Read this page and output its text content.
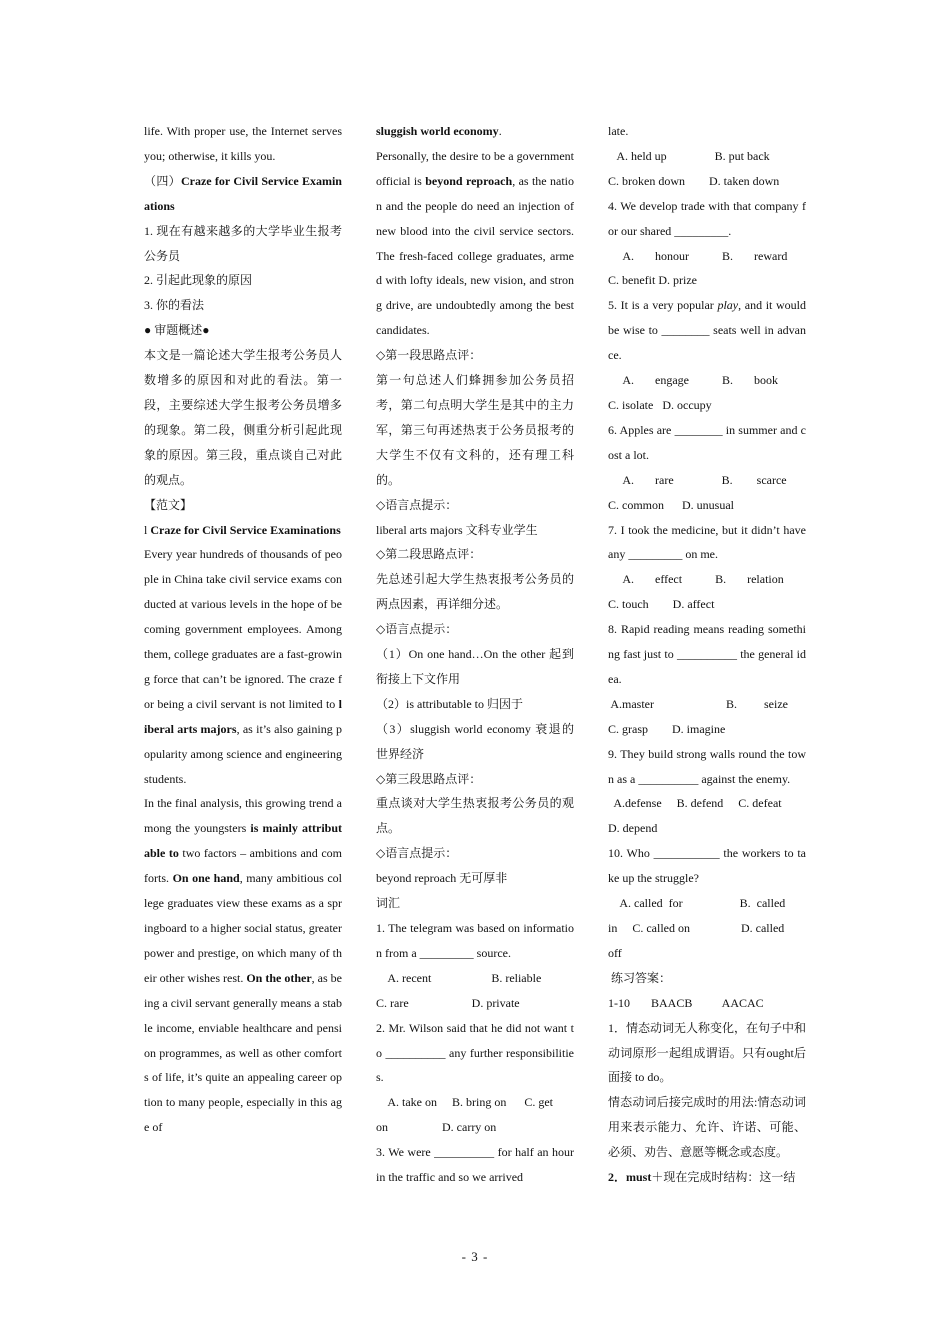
life. With proper use, the Internet serves you; otherwise, it kills you.

（四）Craze for Civil Service Examinations

1. 现在有越来越多的大学毕业生报考公务员

2. 引起此现象的原因

3. 你的看法

● 审题概述●

本文是一篇论述大学生报考公务员人数增多的原因和对此的看法。第一段，主要综述大学生报考公务员增多的现象。第二段，侧重分析引起此现象的原因。第三段，重点谈自己对此的观点。

【范文】

l Craze for Civil Service Examinations

Every year hundreds of thousands of people in China take civil service exams conducted at various levels in the hope of becoming government employees. Among them, college graduates are a fast-growing force that can’t be ignored. The craze for being a civil servant is not limited to liberal arts majors, as it’s also gaining popularity among science and engineering students.

In the final analysis, this growing trend among the youngsters is mainly attributable to two factors – ambitions and comforts. On one hand, many ambitious college graduates view these exams as a springboard to a higher social status, greater power and prestige, on which many of their other wishes rest. On the other, as being a civil servant generally means a stable income, enviable healthcare and pension programmes, as well as other comforts of life, it’s quite an appealing career option to many people, especially in this age of

sluggish world economy.

Personally, the desire to be a government official is beyond reproach, as the nation and the people do need an injection of new blood into the civil service sectors. The fresh-faced college graduates, armed with lofty ideals, new vision, and strong drive, are undoubtedly among the best candidates.

◇第一段思路点评：

第一句总述人们蜂拥参加公务员招考，第二句点明大学生是其中的主力军，第三句再述热衷于公务员报考的大学生不仅有文科的，还有理工科的。

◇语言点提示：

liberal arts majors 文科专业学生

◇第二段思路点评：

先总述引起大学生热衷报考公务员的两点因素，再详细分述。

◇语言点提示：

（1）On one hand…On the other 起到衔接上下文作用

（2）is attributable to 归因于

（3）sluggish world economy 衰退的世界经济

◇第三段思路点评：

重点谈对大学生热衷报考公务员的观点。

◇语言点提示：

beyond reproach 无可厚非

词汇

1. The telegram was based on information from a _________ source.

A. recent                    B. reliable

C. rare                     D. private

2. Mr. Wilson said that he did not want to __________ any further responsibilities.

A. take on     B. bring on      C. get

on                  D. carry on

3. We were __________ for half an hour in the traffic and so we arrived

late.

A. held up                B. put back

C. broken down        D. taken down

4. We develop trade with that company for our shared _________.

A.       honour           B.       reward

C. benefit D. prize

5. It is a very popular play, and it would be wise to ________ seats well in advance.

A.       engage           B.       book

C. isolate   D. occupy

6. Apples are ________ in summer and cost a lot.

A.       rare                B.        scarce

C. common      D. unusual

7. I took the medicine, but it didn’t have any _________ on me.

A.       effect           B.       relation

C. touch        D. affect

8. Rapid reading means reading something fast just to __________ the general idea.

A.master                        B.         seize

C. grasp        D. imagine

9. They build strong walls round the town as a __________ against the enemy.

A.defense     B. defend     C. defeat

D. depend

10. Who ___________ the workers to take up the struggle?

A. called  for                   B.  called

in     C. called on                 D. called

off

练习答案：

1-10       BAACB          AACAC

1．情态动词无人称变化，在句子中和动词原形一起组成谓语。只有ought后面接 to do。

情态动词后接完成时的用法:情态动词用来表示能力、允许、许诺、可能、必须、劝告、意愿等概念或态度。

2．must＋现在完成时结构：这一结

- 3 -
